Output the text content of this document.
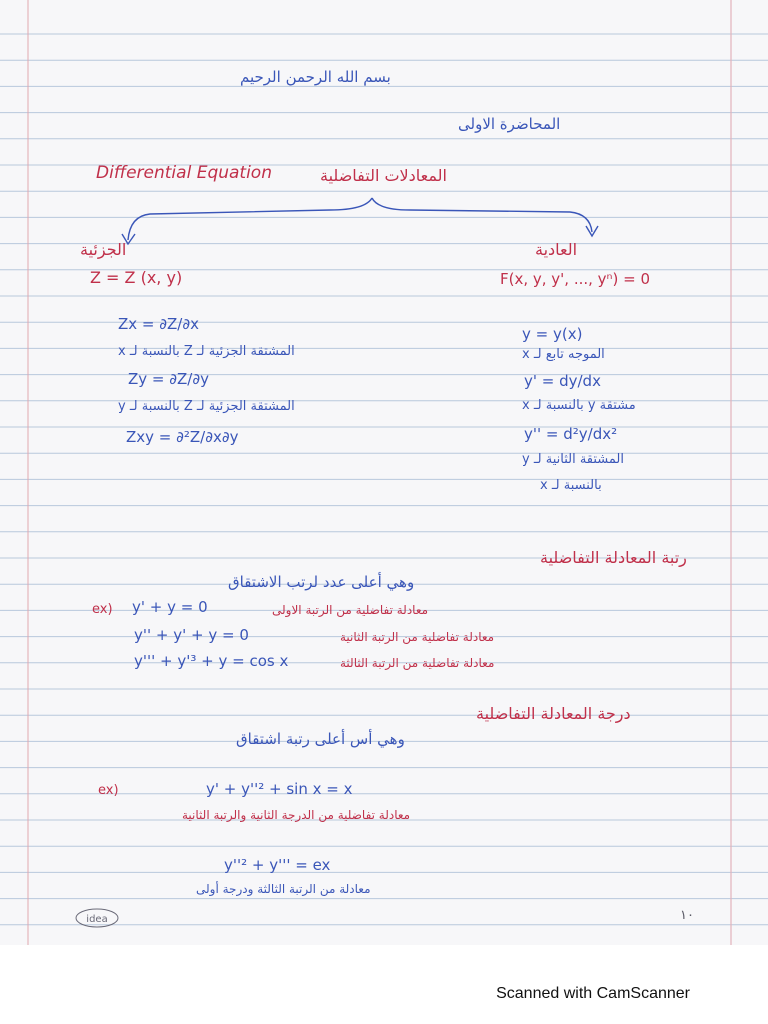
بسم الله الرحمن الرحيم
المحاضرة الاولى
Differential Equation	المعادلات التفاضلية
الجزئية
Z = Z (x, y)
العادية
F(x, y, y', ..., yⁿ) = 0
Zx = ∂Z/∂x
المشتقة الجزئية لـ Z بالنسبة لـ x
Zy = ∂Z/∂y
المشتقة الجزئية لـ Z بالنسبة لـ y
Zxy = ∂²Z/∂x∂y
y = y(x)
الموجه تابع لـ x
y' = dy/dx
مشتقة y بالنسبة لـ x
y'' = d²y/dx²
المشتقة الثانية لـ y
بالنسبة لـ x
رتبة المعادلة التفاضلية
وهي أعلى عدد لرتب الاشتقاق
ex) y' + y = 0	معادلة تفاضلية من الرتبة الاولى
y'' + y' + y = 0	معادلة تفاضلية من الرتبة الثانية
y''' + y'³ + y = cos x	معادلة تفاضلية من الرتبة الثالثة
درجة المعادلة التفاضلية
وهي أس أعلى رتبة اشتقاق
ex)	y' + y''² + sin x = x
معادلة تفاضلية من الدرجة الثانية والرتبة الثانية
y''² + y''' = ex
معادلة من الرتبة الثالثة ودرجة أولى
١٠
idea
Scanned with CamScanner
